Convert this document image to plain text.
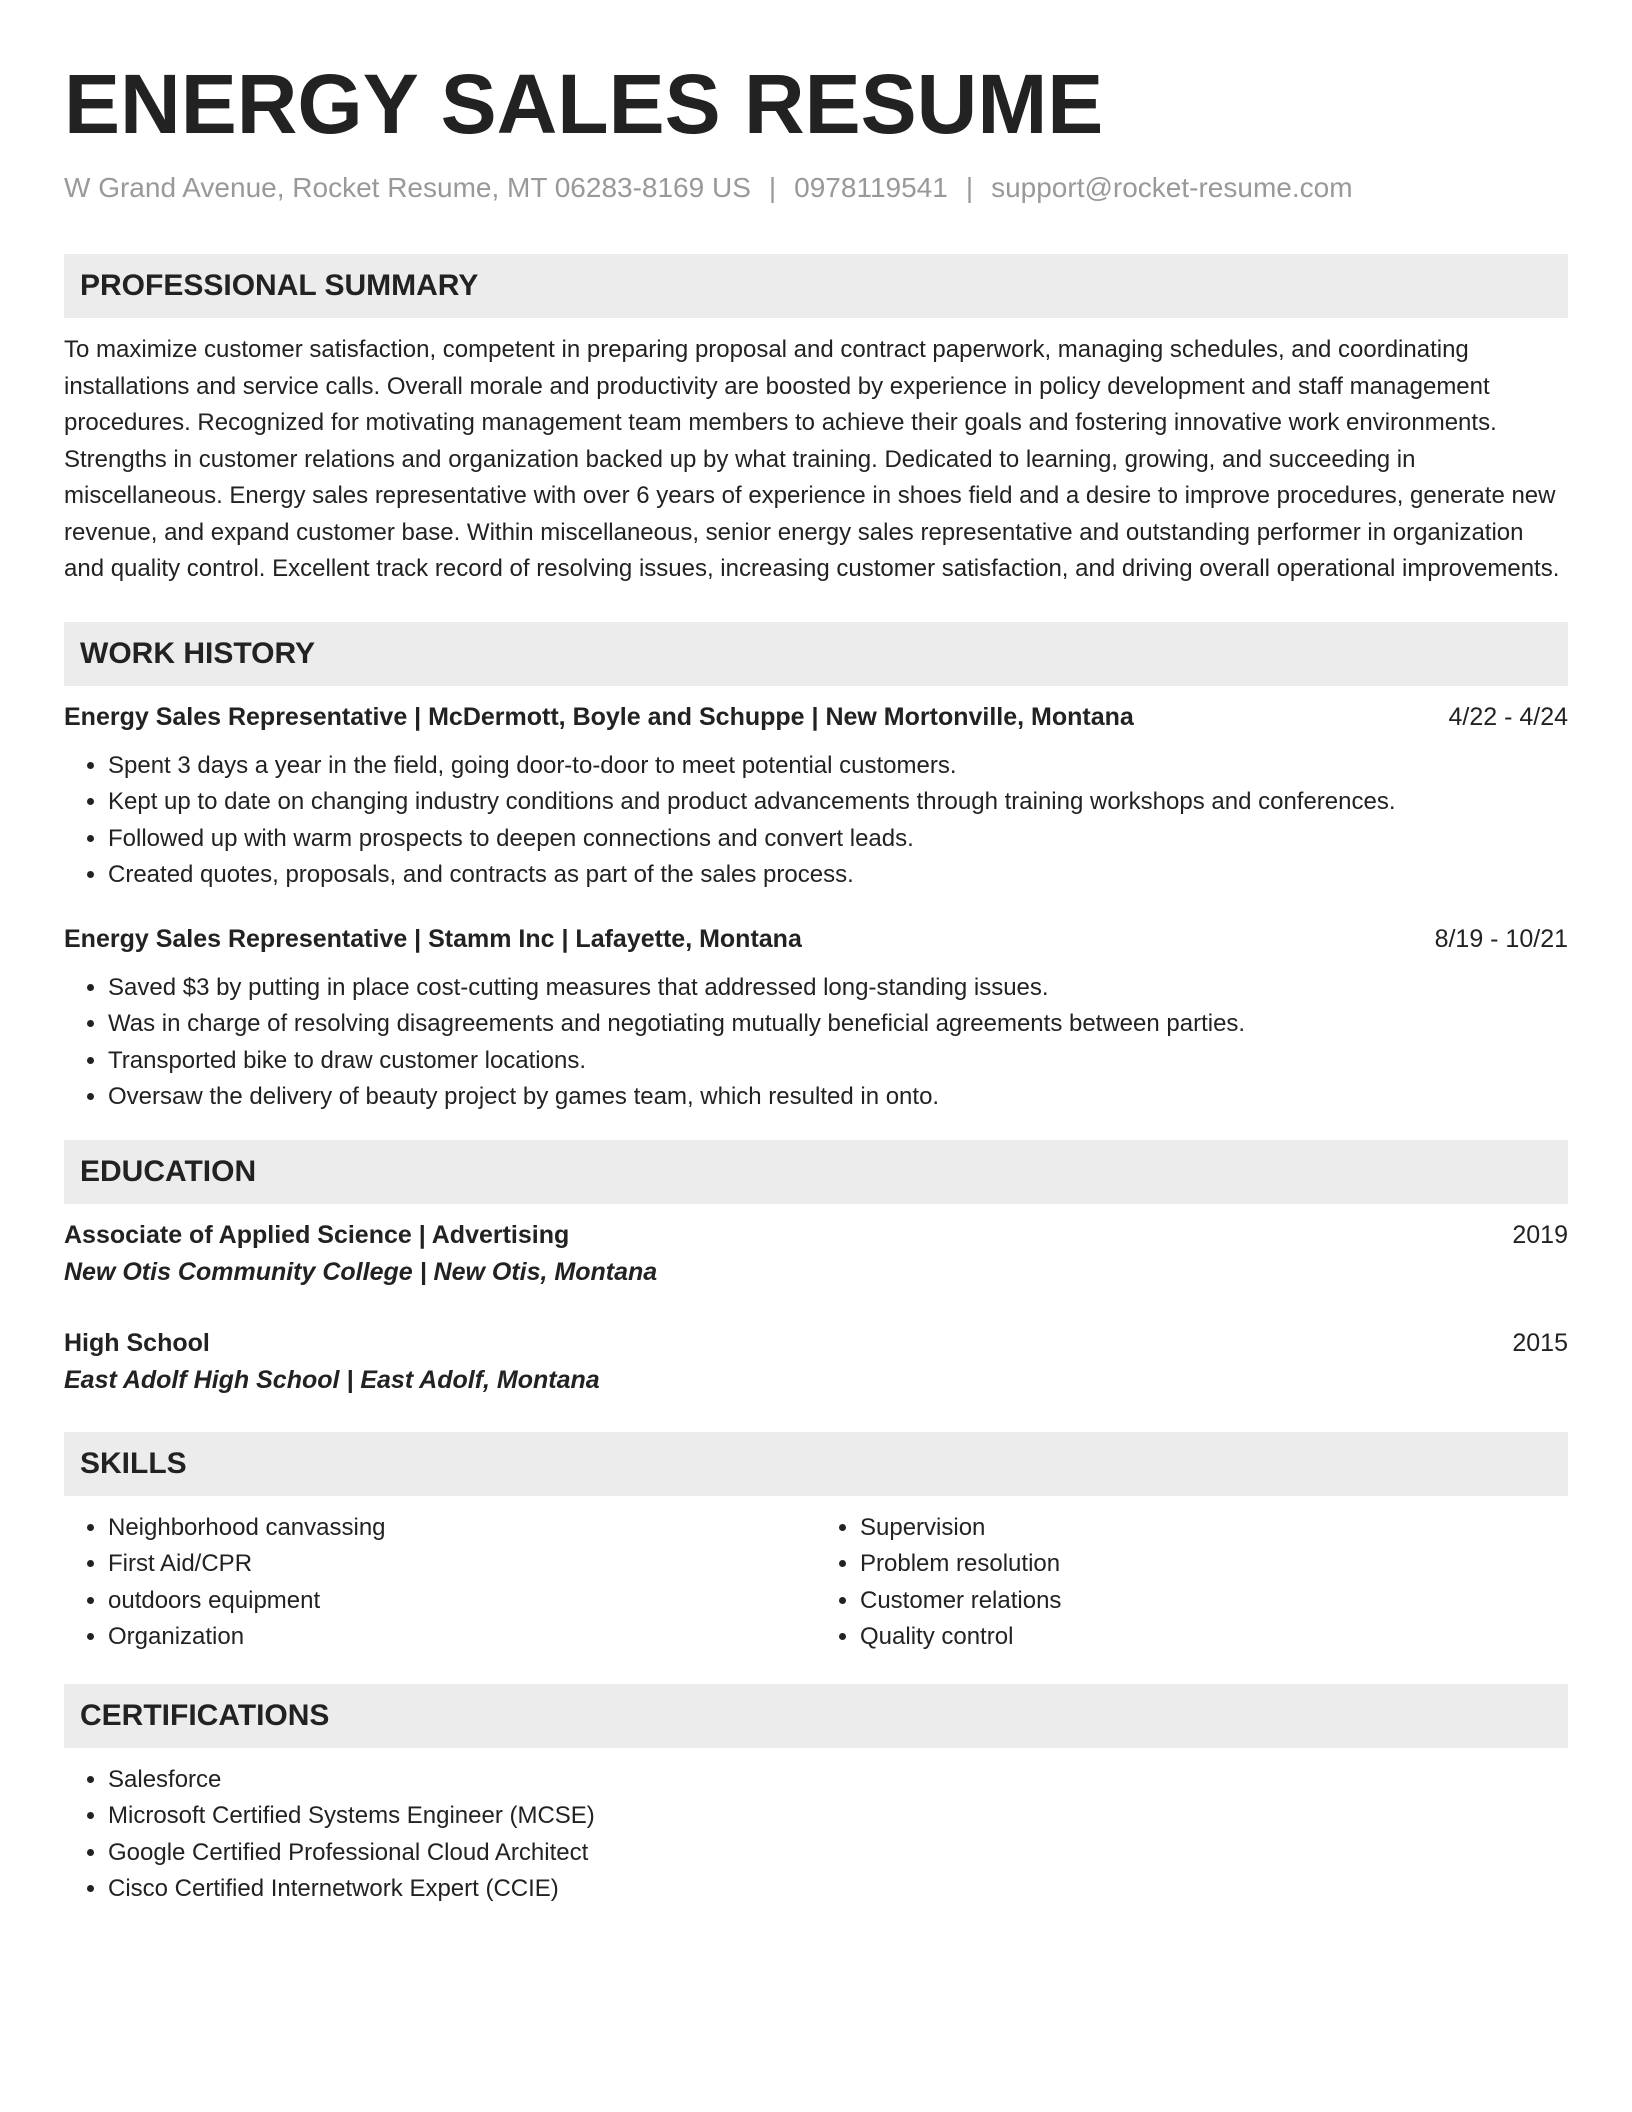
ENERGY SALES RESUME
W Grand Avenue, Rocket Resume, MT 06283-8169 US | 0978119541 | support@rocket-resume.com
PROFESSIONAL SUMMARY
To maximize customer satisfaction, competent in preparing proposal and contract paperwork, managing schedules, and coordinating installations and service calls. Overall morale and productivity are boosted by experience in policy development and staff management procedures. Recognized for motivating management team members to achieve their goals and fostering innovative work environments. Strengths in customer relations and organization backed up by what training. Dedicated to learning, growing, and succeeding in miscellaneous. Energy sales representative with over 6 years of experience in shoes field and a desire to improve procedures, generate new revenue, and expand customer base. Within miscellaneous, senior energy sales representative and outstanding performer in organization and quality control. Excellent track record of resolving issues, increasing customer satisfaction, and driving overall operational improvements.
WORK HISTORY
Energy Sales Representative | McDermott, Boyle and Schuppe | New Mortonville, Montana	4/22 - 4/24
• Spent 3 days a year in the field, going door-to-door to meet potential customers.
• Kept up to date on changing industry conditions and product advancements through training workshops and conferences.
• Followed up with warm prospects to deepen connections and convert leads.
• Created quotes, proposals, and contracts as part of the sales process.
Energy Sales Representative | Stamm Inc | Lafayette, Montana	8/19 - 10/21
• Saved $3 by putting in place cost-cutting measures that addressed long-standing issues.
• Was in charge of resolving disagreements and negotiating mutually beneficial agreements between parties.
• Transported bike to draw customer locations.
• Oversaw the delivery of beauty project by games team, which resulted in onto.
EDUCATION
Associate of Applied Science | Advertising	2019
New Otis Community College | New Otis, Montana
High School	2015
East Adolf High School | East Adolf, Montana
SKILLS
• Neighborhood canvassing
• First Aid/CPR
• outdoors equipment
• Organization
• Supervision
• Problem resolution
• Customer relations
• Quality control
CERTIFICATIONS
• Salesforce
• Microsoft Certified Systems Engineer (MCSE)
• Google Certified Professional Cloud Architect
• Cisco Certified Internetwork Expert (CCIE)
